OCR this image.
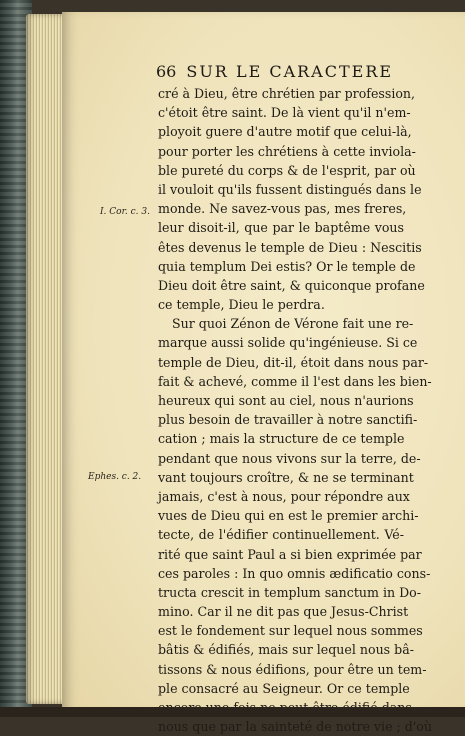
66 SUR LE CARACTERE
I. Cor. c. 3.
Ephes. c. 2.
cré à Dieu, être chrétien par profession,
c'étoit être saint. De là vient qu'il n'em-
ployoit guere d'autre motif que celui-là,
pour porter les chrétiens à cette inviola-
ble pureté du corps & de l'esprit, par où
il vouloit qu'ils fussent distingués dans le
monde. Ne savez-vous pas, mes freres,
leur disoit-il, que par le baptême vous
êtes devenus le temple de Dieu : Nescitis
quia templum Dei estis? Or le temple de
Dieu doit être saint, & quiconque profane
ce temple, Dieu le perdra.
Sur quoi Zénon de Vérone fait une re-
marque aussi solide qu'ingénieuse. Si ce
temple de Dieu, dit-il, étoit dans nous par-
fait & achevé, comme il l'est dans les bien-
heureux qui sont au ciel, nous n'aurions
plus besoin de travailler à notre sanctifi-
cation ; mais la structure de ce temple
pendant que nous vivons sur la terre, de-
vant toujours croître, & ne se terminant
jamais, c'est à nous, pour répondre aux
vues de Dieu qui en est le premier archi-
tecte, de l'édifier continuellement. Vé-
rité que saint Paul a si bien exprimée par
ces paroles : In quo omnis ædificatio cons-
tructa crescit in templum sanctum in Do-
mino. Car il ne dit pas que Jesus-Christ
est le fondement sur lequel nous sommes
bâtis & édifiés, mais sur lequel nous bâ-
tissons & nous édifions, pour être un tem-
ple consacré au Seigneur. Or ce temple
nous que par la sainteté de notre vie ; d'où
